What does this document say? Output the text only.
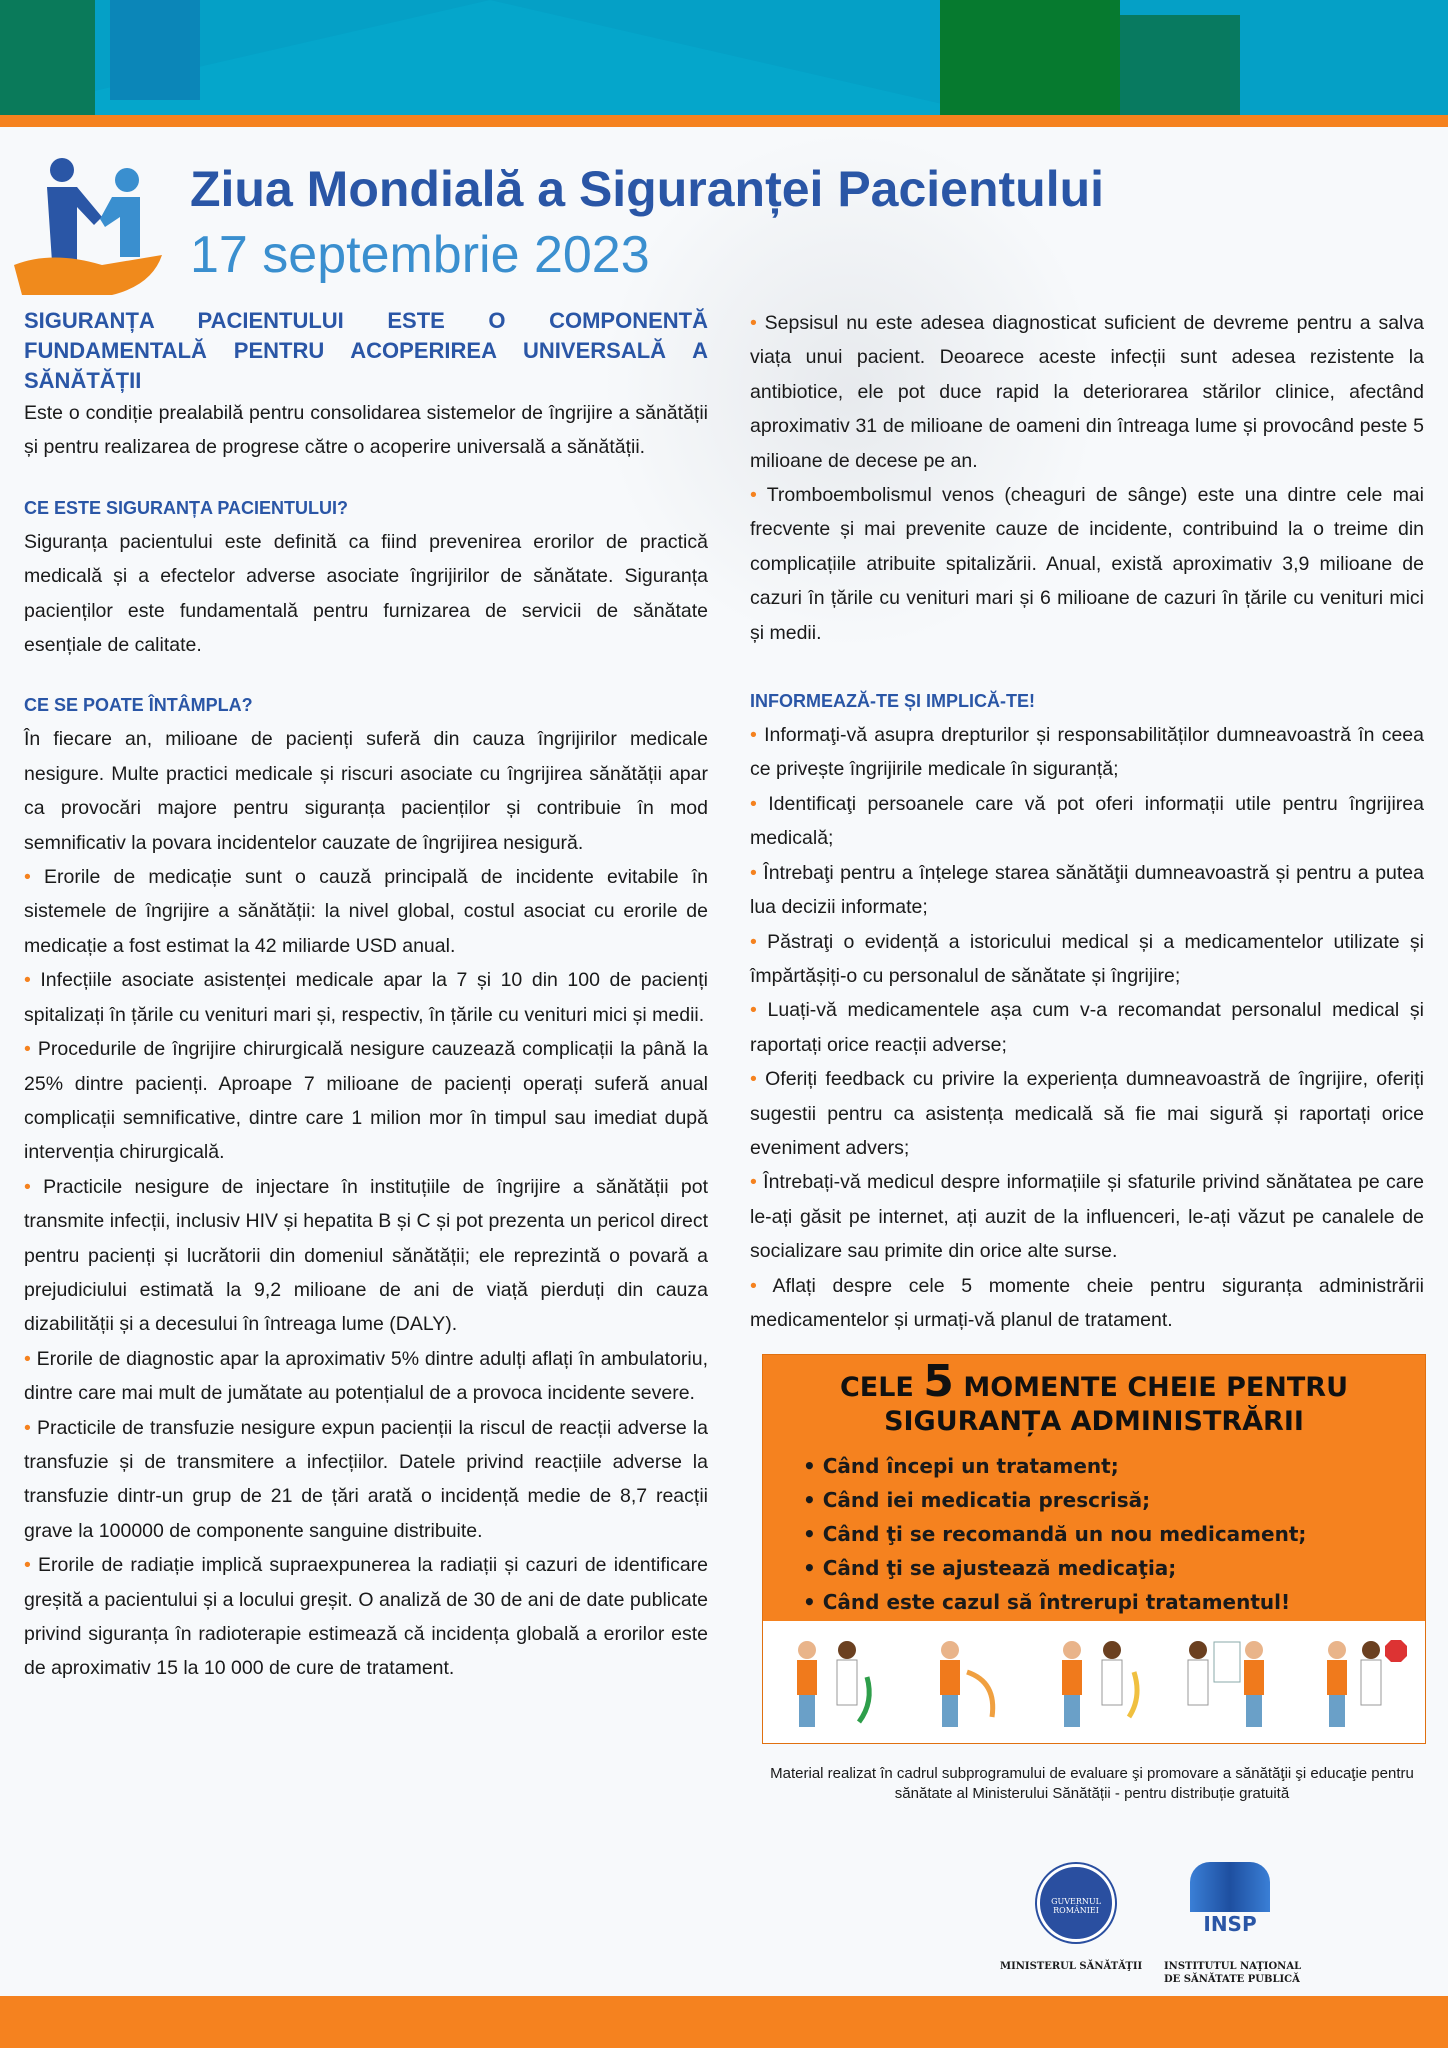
Ziua Mondială a Siguranței Pacientului
17 septembrie 2023
SIGURANȚA PACIENTULUI ESTE O COMPONENTĂ FUNDAMENTALĂ PENTRU ACOPERIREA UNIVERSALĂ A SĂNĂTĂȚII

Este o condiție prealabilă pentru consolidarea sistemelor de îngrijire a sănătății și pentru realizarea de progrese către o acoperire universală a sănătății.

CE ESTE SIGURANȚA PACIENTULUI?

Siguranța pacientului este definită ca fiind prevenirea erorilor de practică medicală și a efectelor adverse asociate îngrijirilor de sănătate. Siguranța pacienților este fundamentală pentru furnizarea de servicii de sănătate esențiale de calitate.

CE SE POATE ÎNTÂMPLA?

În fiecare an, milioane de pacienți suferă din cauza îngrijirilor medicale nesigure. Multe practici medicale și riscuri asociate cu îngrijirea sănătății apar ca provocări majore pentru siguranța pacienților și contribuie în mod semnificativ la povara incidentelor cauzate de îngrijirea nesigură.

• Erorile de medicație sunt o cauză principală de incidente evitabile în sistemele de îngrijire a sănătății: la nivel global, costul asociat cu erorile de medicație a fost estimat la 42 miliarde USD anual.

• Infecțiile asociate asistenței medicale apar la 7 și 10 din 100 de pacienți spitalizați în țările cu venituri mari și, respectiv, în țările cu venituri mici și medii.

• Procedurile de îngrijire chirurgicală nesigure cauzează complicații la până la 25% dintre pacienți. Aproape 7 milioane de pacienți operați suferă anual complicații semnificative, dintre care 1 milion mor în timpul sau imediat după intervenția chirurgicală.

• Practicile nesigure de injectare în instituțiile de îngrijire a sănătății pot transmite infecții, inclusiv HIV și hepatita B și C și pot prezenta un pericol direct pentru pacienți și lucrătorii din domeniul sănătății; ele reprezintă o povară a prejudiciului estimată la 9,2 milioane de ani de viață pierduți din cauza dizabilității și a decesului în întreaga lume (DALY).

• Erorile de diagnostic apar la aproximativ 5% dintre adulți aflați în ambulatoriu, dintre care mai mult de jumătate au potențialul de a provoca incidente severe.

• Practicile de transfuzie nesigure expun pacienții la riscul de reacții adverse la transfuzie și de transmitere a infecțiilor. Datele privind reacțiile adverse la transfuzie dintr-un grup de 21 de țări arată o incidență medie de 8,7 reacții grave la 100000 de componente sanguine distribuite.

• Erorile de radiație implică supraexpunerea la radiații și cazuri de identificare greșită a pacientului și a locului greșit. O analiză de 30 de ani de date publicate privind siguranța în radioterapie estimează că incidența globală a erorilor este de aproximativ 15 la 10 000 de cure de tratament.

• Sepsisul nu este adesea diagnosticat suficient de devreme pentru a salva viața unui pacient. Deoarece aceste infecții sunt adesea rezistente la antibiotice, ele pot duce rapid la deteriorarea stărilor clinice, afectând aproximativ 31 de milioane de oameni din întreaga lume și provocând peste 5 milioane de decese pe an.

• Tromboembolismul venos (cheaguri de sânge) este una dintre cele mai frecvente și mai prevenite cauze de incidente, contribuind la o treime din complicațiile atribuite spitalizării. Anual, există aproximativ 3,9 milioane de cazuri în țările cu venituri mari și 6 milioane de cazuri în țările cu venituri mici și medii.

INFORMEAZĂ-TE ȘI IMPLICĂ-TE!

• Informaţi-vă asupra drepturilor și responsabilităților dumneavoastră în ceea ce privește îngrijirile medicale în siguranță;

• Identificaţi persoanele care vă pot oferi informații utile pentru îngrijirea medicală;

• Întrebaţi pentru a înțelege starea sănătăţii dumneavoastră și pentru a putea lua decizii informate;

• Păstraţi o evidență a istoricului medical și a medicamentelor utilizate și împărtășiți-o cu personalul de sănătate și îngrijire;

• Luați-vă medicamentele așa cum v-a recomandat personalul medical și raportați orice reacții adverse;

• Oferiți feedback cu privire la experiența dumneavoastră de îngrijire, oferiți sugestii pentru ca asistența medicală să fie mai sigură și raportați orice eveniment advers;

• Întrebați-vă medicul despre informațiile și sfaturile privind sănătatea pe care le-ați găsit pe internet, ați auzit de la influenceri, le-ați văzut pe canalele de socializare sau primite din orice alte surse.

• Aflați despre cele 5 momente cheie pentru siguranța administrării medicamentelor și urmați-vă planul de tratament.

CELE 5 MOMENTE CHEIE PENTRU
SIGURANȚA ADMINISTRĂRII
• Când începi un tratament;
• Când iei medicatia prescrisă;
• Când ţi se recomandă un nou medicament;
• Când ţi se ajustează medicaţia;
• Când este cazul să întrerupi tratamentul!
Material realizat în cadrul subprogramului de evaluare şi promovare a sănătăţii şi educaţie pentru sănătate al Ministerului Sănătății - pentru distribuție gratuită
GUVERNUL ROMÂNIEI
INSP
MINISTERUL SĂNĂTĂŢII INSTITUTUL NAŢIONAL
DE SĂNĂTATE PUBLICĂ
